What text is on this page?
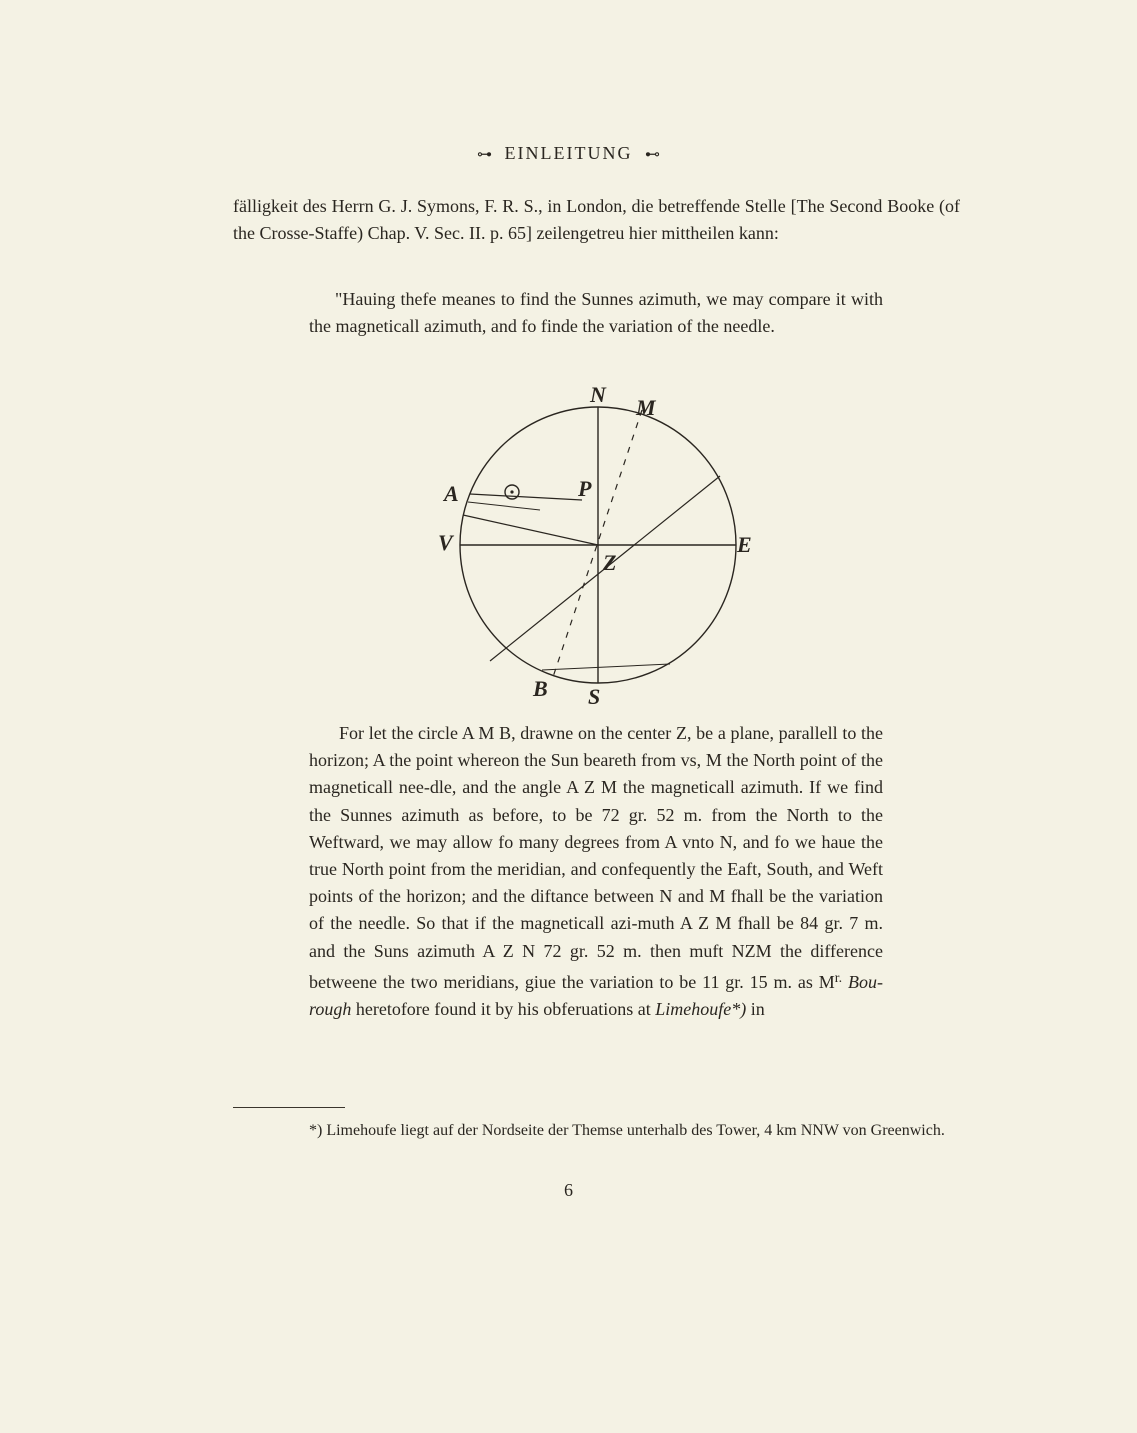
⊶ EINLEITUNG ⊷

fälligkeit des Herrn G. J. Symons, F. R. S., in London, die betreffende Stelle [The Second Booke (of the Crosse-Staffe) Chap. V. Sec. II. p. 65] zeilengetreu hier mittheilen kann:

"Hauing thefe meanes to find the Sunnes azimuth, we may compare it with the magneticall azimuth, and fo finde the variation of the needle.

N
M
A	P
V	E
Z
B S

For let the circle A M B, drawne on the center Z, be a plane, parallell to the horizon; A the point whereon the Sun beareth from vs, M the North point of the magneticall nee-dle, and the angle A Z M the magneticall azimuth. If we find the Sunnes azimuth as before, to be 72 gr. 52 m. from the North to the Weftward, we may allow fo many degrees from A vnto N, and fo we haue the true North point from the meridian, and confequently the Eaft, South, and Weft points of the horizon; and the diftance between N and M fhall be the variation of the needle. So that if the magneticall azi-muth A Z M fhall be 84 gr. 7 m. and the Suns azimuth A Z N 72 gr. 52 m. then muft NZM the difference betweene the two meridians, giue the variation to be 11 gr. 15 m. as $M^{r.}$ Bou-rough heretofore found it by his obferuations at Limehoufe*) in

*) Limehoufe liegt auf der Nordseite der Themse unterhalb des Tower, 4 km NNW von Greenwich.

6
